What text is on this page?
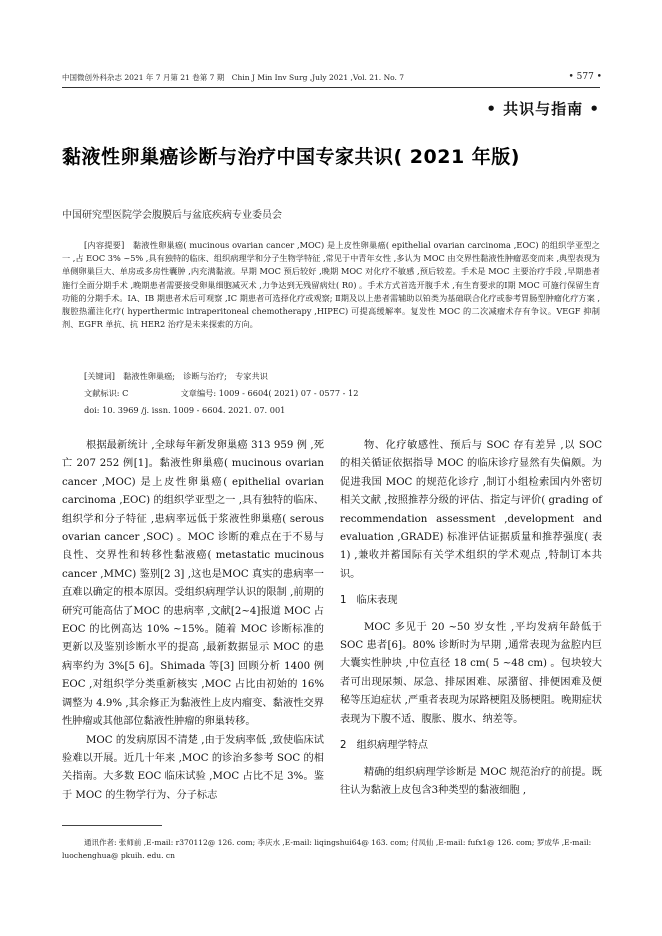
中国微创外科杂志 2021 年 7 月第 21 卷第 7 期　Chin J Min Inv Surg ,July 2021 ,Vol. 21. No. 7	• 577 •
• 共识与指南 •
黏液性卵巢癌诊断与治疗中国专家共识( 2021 年版)
中国研究型医院学会腹膜后与盆底疾病专业委员会
[内容提要]　黏液性卵巢癌( mucinous ovarian cancer ,MOC) 是上皮性卵巢癌( epithelial ovarian carcinoma ,EOC) 的组织学亚型之一 ,占 EOC 3% ~5% ,具有独特的临床、组织病理学和分子生物学特征 ,常见于中青年女性 ,多认为 MOC 由交界性黏液性肿瘤恶变而来 ,典型表现为单侧卵巢巨大、单房或多房性囊肿 ,内充满黏液。早期 MOC 预后较好 ,晚期 MOC 对化疗不敏感 ,预后较差。手术是 MOC 主要治疗手段 ,早期患者施行全面分期手术 ,晚期患者需要接受卵巢细胞减灭术 ,力争达到无残留病灶( R0) 。手术方式首选开腹手术 ,有生育要求的Ⅰ期 MOC 可施行保留生育功能的分期手术。ⅠA、ⅠB 期患者术后可观察 ,ⅠC 期患者可选择化疗或观察; Ⅱ期及以上患者需辅助以铂类为基础联合化疗或参考胃肠型肿瘤化疗方案 ,腹腔热灌注化疗( hyperthermic intraperitoneal chemotherapy ,HIPEC) 可提高缓解率。复发性 MOC 的二次减瘤术存有争议。VEGF 抑制剂、EGFR 单抗、抗 HER2 治疗是未来探索的方向。
[关键词]　黏液性卵巢癌;　诊断与治疗;　专家共识
文献标识: C	文章编号: 1009 - 6604( 2021) 07 - 0577 - 12
doi: 10. 3969 /j. issn. 1009 - 6604. 2021. 07. 001

根据最新统计 ,全球每年新发卵巢癌 313 959 例 ,死亡 207 252 例[1]。黏液性卵巢癌( mucinous ovarian cancer ,MOC) 是上皮性卵巢癌( epithelial ovarian carcinoma ,EOC) 的组织学亚型之一 ,具有独特的临床、组织学和分子特征 ,患病率远低于浆液性卵巢癌( serous ovarian cancer ,SOC) 。MOC 诊断的难点在于不易与良性、交界性和转移性黏液癌( metastatic mucinous cancer ,MMC) 鉴别[2 3] ,这也是MOC 真实的患病率一直难以确定的根本原因。受组织病理学认识的限制 ,前期的研究可能高估了MOC 的患病率 ,文献[2~4]报道 MOC 占 EOC 的比例高达 10% ~15%。随着 MOC 诊断标准的更新以及鉴别诊断水平的提高 ,最新数据显示 MOC 的患病率约为 3%[5 6]。Shimada 等[3] 回顾分析 1400 例 EOC ,对组织学分类重新核实 ,MOC 占比由初始的 16% 调整为 4.9% ,其余修正为黏液性上皮内瘤变、黏液性交界性肿瘤或其他部位黏液性肿瘤的卵巢转移。

MOC 的发病原因不清楚 ,由于发病率低 ,致使临床试验难以开展。近几十年来 ,MOC 的诊治多参考 SOC 的相关指南。大多数 EOC 临床试验 ,MOC 占比不足 3%。鉴于 MOC 的生物学行为、分子标志

物、化疗敏感性、预后与 SOC 存有差异 ,以 SOC 的相关循证依据指导 MOC 的临床诊疗显然有失偏颇。为促进我国 MOC 的规范化诊疗 ,制订小组检索国内外密切相关文献 ,按照推荐分级的评估、指定与评价( grading of recommendation assessment ,development and evaluation ,GRADE) 标准评估证据质量和推荐强度( 表 1) ,兼收并蓄国际有关学术组织的学术观点 ,特制订本共识。

1　临床表现

MOC 多见于 20 ~50 岁女性 ,平均发病年龄低于 SOC 患者[6]。80% 诊断时为早期 ,通常表现为盆腔内巨大囊实性肿块 ,中位直径 18 cm( 5 ~48 cm) 。包块较大者可出现尿频、尿急、排尿困难、尿潴留、排便困难及便秘等压迫症状 ,严重者表现为尿路梗阻及肠梗阻。晚期症状表现为下腹不适、腹胀、腹水、纳差等。

2　组织病理学特点

精确的组织病理学诊断是 MOC 规范治疗的前提。既往认为黏液上皮包含3种类型的黏液细胞 ,

通讯作者: 张师前 ,E-mail: r370112@ 126. com; 李庆水 ,E-mail: liqingshui64@ 163. com; 付凤仙 ,E-mail: fufx1@ 126. com; 罗成华 ,E-mail: luochenghua@ pkuih. edu. cn
